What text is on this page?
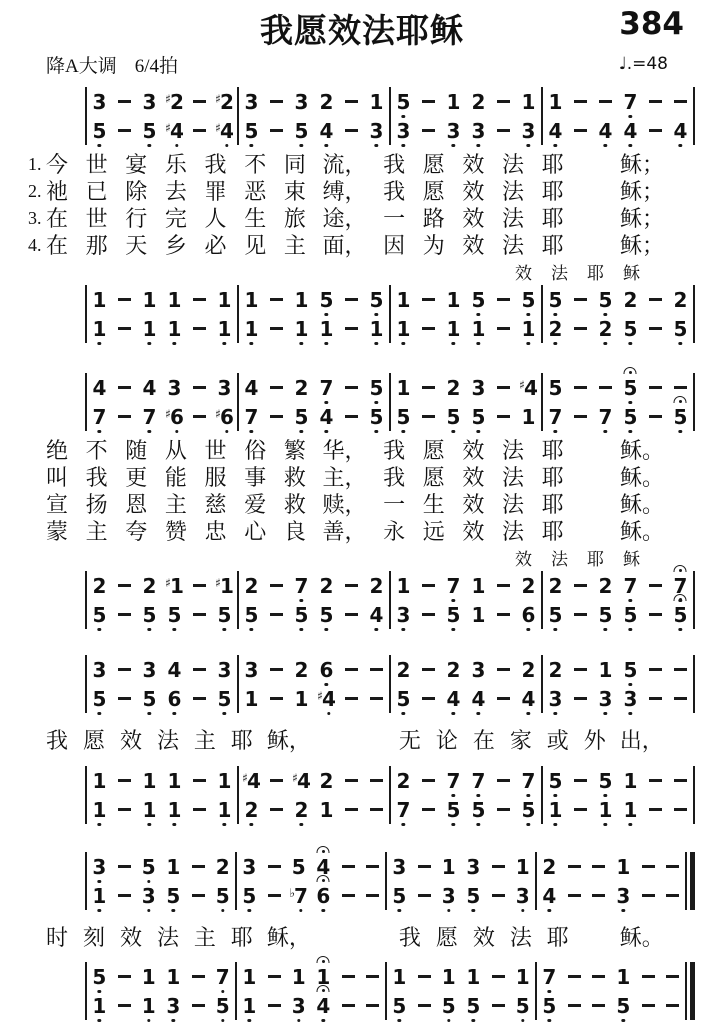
我愿效法耶稣	384
降A大调 6/4拍	♩.=48
3 3 ♯2	♯2
5 5 ♯4	♯4
3 3 2 1
5 5 4 3
5 1 2 1
3 3 3 3
1	7
4 4 4 4
1. 今 世 宴 乐 我 不 同 流， 我 愿 效 法 耶	稣；
2. 祂 已 除 去 罪 恶 束 缚， 我 愿 效 法 耶	稣；
3. 在 世 行 完 人 生 旅 途， 一 路 效 法 耶	稣；
4. 在 那 天 乡 必 见 主 面， 因 为 效 法 耶	稣；
效 法 耶 稣
1 1 1 1
1 1 1 1
1 1 5 5
1 1 1 1
1 1 5 5
1 1 1 1
5 5 2 2
2 2 5 5
4 4 3 3
7 7 ♯6	♯6
4 2 7 5
7 5 4 5
1 2 3	♯4
5 5 5 1
5	5
7 7 5 5
绝 不 随 从 世 俗 繁 华， 我 愿 效 法 耶	稣。
叫 我 更 能 服 事 救 主， 我 愿 效 法 耶	稣。
宣 扬 恩 主 慈 爱 救 赎， 一 生 效 法 耶	稣。
蒙 主 夸 赞 忠 心 良 善， 永 远 效 法 耶	稣。
效 法 耶 稣
2 2 ♯1	♯1
5 5 5 5
2 7 2 2
5 5 5 4
1 7 1 2
3 5 1 6
2 2 7 7
5 5 5 5
3 3 4 3
5 5 6 5
3 2 6
1 1 ♯4
2 2 3 2
5 4 4 4
2 1 5
3 3 3
我 愿 效 法 主 耶 稣，	无 论 在 家 或 外 出，
1 1 1 1
1 1 1 1
♯4	♯4 2
2 2 1
2 7 7 7
7 5 5 5
5 5 1
1 1 1
3 5 1 2
1 3 5 5
3 5 4
5	♭7 6
3 1 3 1
5 3 5 3
2	1
4	3
时 刻 效 法 主 耶 稣，	我 愿 效 法 耶 稣。
5 1 1 7
1 1 3 5
1 1 1
1 3 4
1 1 1 1
5 5 5 5
7	1
5	5
